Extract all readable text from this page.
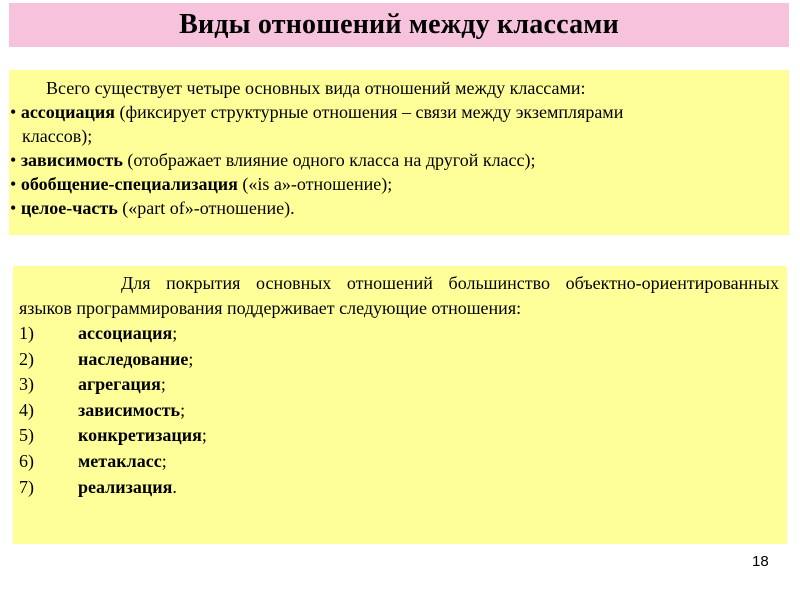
Виды отношений между классами
Всего существует четыре основных вида отношений между классами:
• ассоциация (фиксирует структурные отношения – связи между экземплярами
классов);
• зависимость (отображает влияние одного класса на другой класс);
• обобщение-специализация («is a»-отношение);
• целое-часть («part of»-отношение).
Для покрытия основных отношений большинство объектно-ориентированных языков программирования поддерживает следующие отношения:
1)	ассоциация;
2)	наследование;
3)	агрегация;
4)	зависимость;
5)	конкретизация;
6)	метакласс;
7)	реализация.
18
